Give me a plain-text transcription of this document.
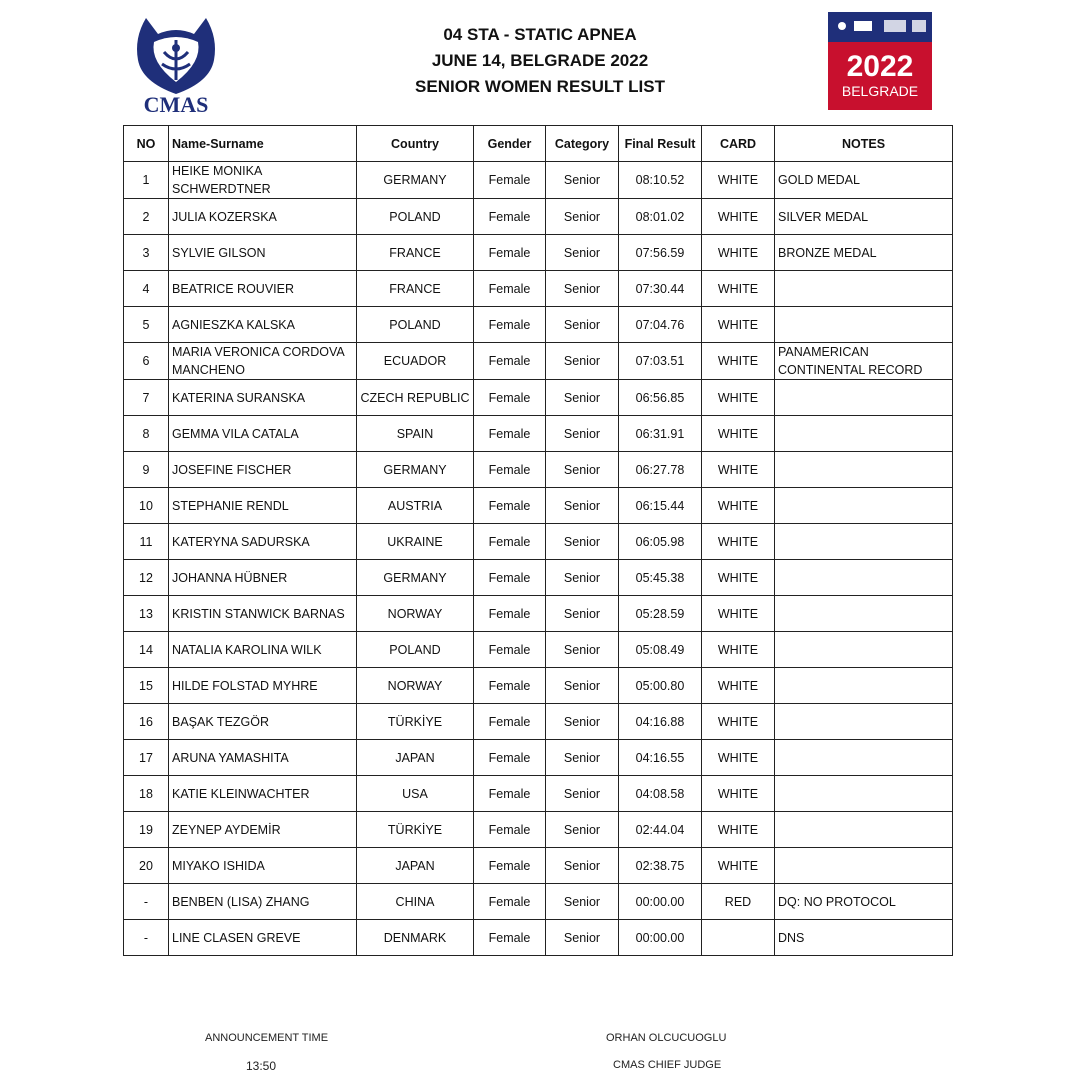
CMAS
04 STA - STATIC APNEA
JUNE 14, BELGRADE 2022
SENIOR WOMEN RESULT LIST
2022
BELGRADE
NO	Name-Surname	Country	Gender	Category	Final Result	CARD	NOTES
1	HEIKE MONIKA SCHWERDTNER	GERMANY	Female	Senior	08:10.52	WHITE	GOLD MEDAL
2	JULIA KOZERSKA	POLAND	Female	Senior	08:01.02	WHITE	SILVER MEDAL
3	SYLVIE GILSON	FRANCE	Female	Senior	07:56.59	WHITE	BRONZE MEDAL
4	BEATRICE ROUVIER	FRANCE	Female	Senior	07:30.44	WHITE	
5	AGNIESZKA KALSKA	POLAND	Female	Senior	07:04.76	WHITE	
6	MARIA VERONICA CORDOVA MANCHENO	ECUADOR	Female	Senior	07:03.51	WHITE	PANAMERICAN CONTINENTAL RECORD
7	KATERINA SURANSKA	CZECH REPUBLIC	Female	Senior	06:56.85	WHITE	
8	GEMMA VILA CATALA	SPAIN	Female	Senior	06:31.91	WHITE	
9	JOSEFINE FISCHER	GERMANY	Female	Senior	06:27.78	WHITE	
10	STEPHANIE RENDL	AUSTRIA	Female	Senior	06:15.44	WHITE	
11	KATERYNA SADURSKA	UKRAINE	Female	Senior	06:05.98	WHITE	
12	JOHANNA HÜBNER	GERMANY	Female	Senior	05:45.38	WHITE	
13	KRISTIN STANWICK BARNAS	NORWAY	Female	Senior	05:28.59	WHITE	
14	NATALIA KAROLINA WILK	POLAND	Female	Senior	05:08.49	WHITE	
15	HILDE FOLSTAD MYHRE	NORWAY	Female	Senior	05:00.80	WHITE	
16	BAŞAK TEZGÖR	TÜRKİYE	Female	Senior	04:16.88	WHITE	
17	ARUNA YAMASHITA	JAPAN	Female	Senior	04:16.55	WHITE	
18	KATIE KLEINWACHTER	USA	Female	Senior	04:08.58	WHITE	
19	ZEYNEP AYDEMİR	TÜRKİYE	Female	Senior	02:44.04	WHITE	
20	MIYAKO ISHIDA	JAPAN	Female	Senior	02:38.75	WHITE	
-	BENBEN (LISA) ZHANG	CHINA	Female	Senior	00:00.00	RED	DQ: NO PROTOCOL
-	LINE CLASEN GREVE	DENMARK	Female	Senior	00:00.00		DNS
ANNOUNCEMENT TIME
13:50
ORHAN OLCUCUOGLU
CMAS CHIEF JUDGE
